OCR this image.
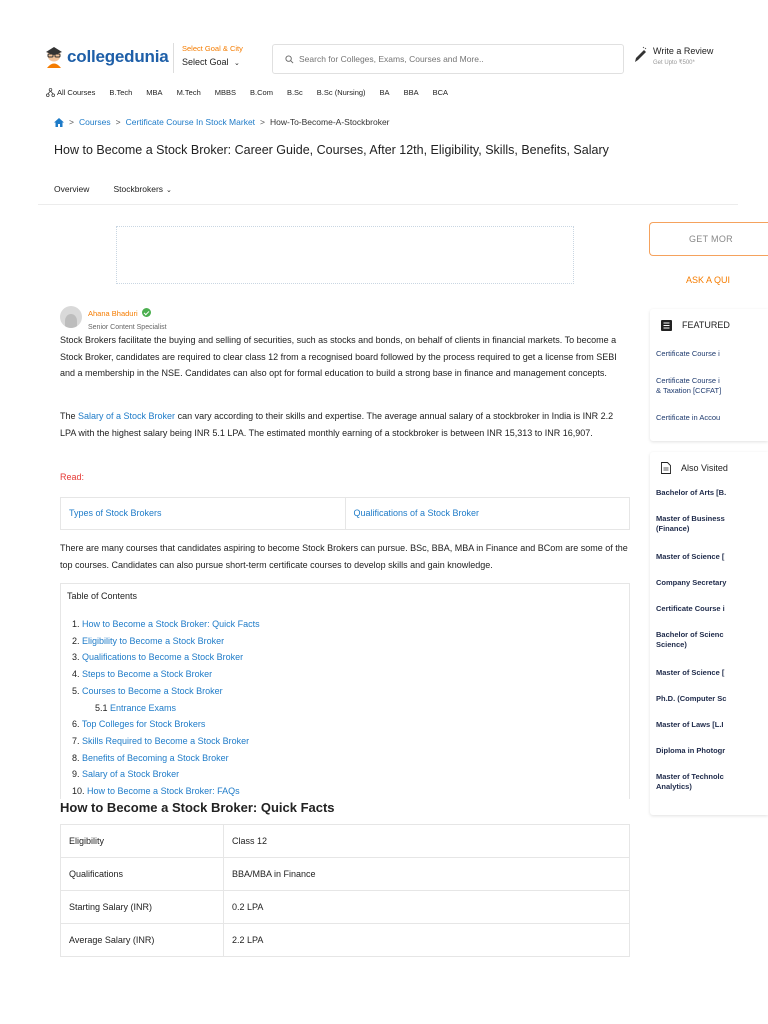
collegedunia Select Goal & City
Select Goal ⌄
Search for Colleges, Exams, Courses and More..
Write a Review
Get Upto ₹500*
All Courses B.Tech MBA M.Tech MBBS B.Com B.Sc B.Sc (Nursing) BA BBA BCA
> Courses > Certificate Course In Stock Market > How-To-Become-A-Stockbroker
How to Become a Stock Broker: Career Guide, Courses, After 12th, Eligibility, Skills, Benefits, Salary
Overview	Stockbrokers ⌄
Ahana Bhaduri
Senior Content Specialist

Stock Brokers facilitate the buying and selling of securities, such as stocks and bonds, on behalf of clients in financial markets. To become a Stock Broker, candidates are required to clear class 12 from a recognised board followed by the process required to get a license from SEBI and a membership in the NSE. Candidates can also opt for formal education to build a strong base in finance and management concepts.

The Salary of a Stock Broker can vary according to their skills and expertise. The average annual salary of a stockbroker in India is INR 2.2 LPA with the highest salary being INR 5.1 LPA. The estimated monthly earning of a stockbroker is between INR 15,313 to INR 16,907.

Read:
Types of Stock Brokers	Qualifications of a Stock Broker

There are many courses that candidates aspiring to become Stock Brokers can pursue. BSc, BBA, MBA in Finance and BCom are some of the top courses. Candidates can also pursue short-term certificate courses to develop skills and gain knowledge.

Table of Contents
1. How to Become a Stock Broker: Quick Facts
2. Eligibility to Become a Stock Broker
3. Qualifications to Become a Stock Broker
4. Steps to Become a Stock Broker
5. Courses to Become a Stock Broker
5.1 Entrance Exams
6. Top Colleges for Stock Brokers
7. Skills Required to Become a Stock Broker
8. Benefits of Becoming a Stock Broker
9. Salary of a Stock Broker
10. How to Become a Stock Broker: FAQs
How to Become a Stock Broker: Quick Facts
Eligibility	Class 12
Qualifications	BBA/MBA in Finance
Starting Salary (INR)	0.2 LPA
Average Salary (INR)	2.2 LPA
GET MOR
ASK A QUI
FEATURED
Certificate Course i
Certificate Course i
& Taxation [CCFAT]
Certificate in Accou
Also Visited
Bachelor of Arts [B.
Master of Business
(Finance)
Master of Science [
Company Secretary
Certificate Course i
Bachelor of Scienc
Science)
Master of Science [
Ph.D. (Computer Sc
Master of Laws [L.I
Diploma in Photogr
Master of Technolc
Analytics)
